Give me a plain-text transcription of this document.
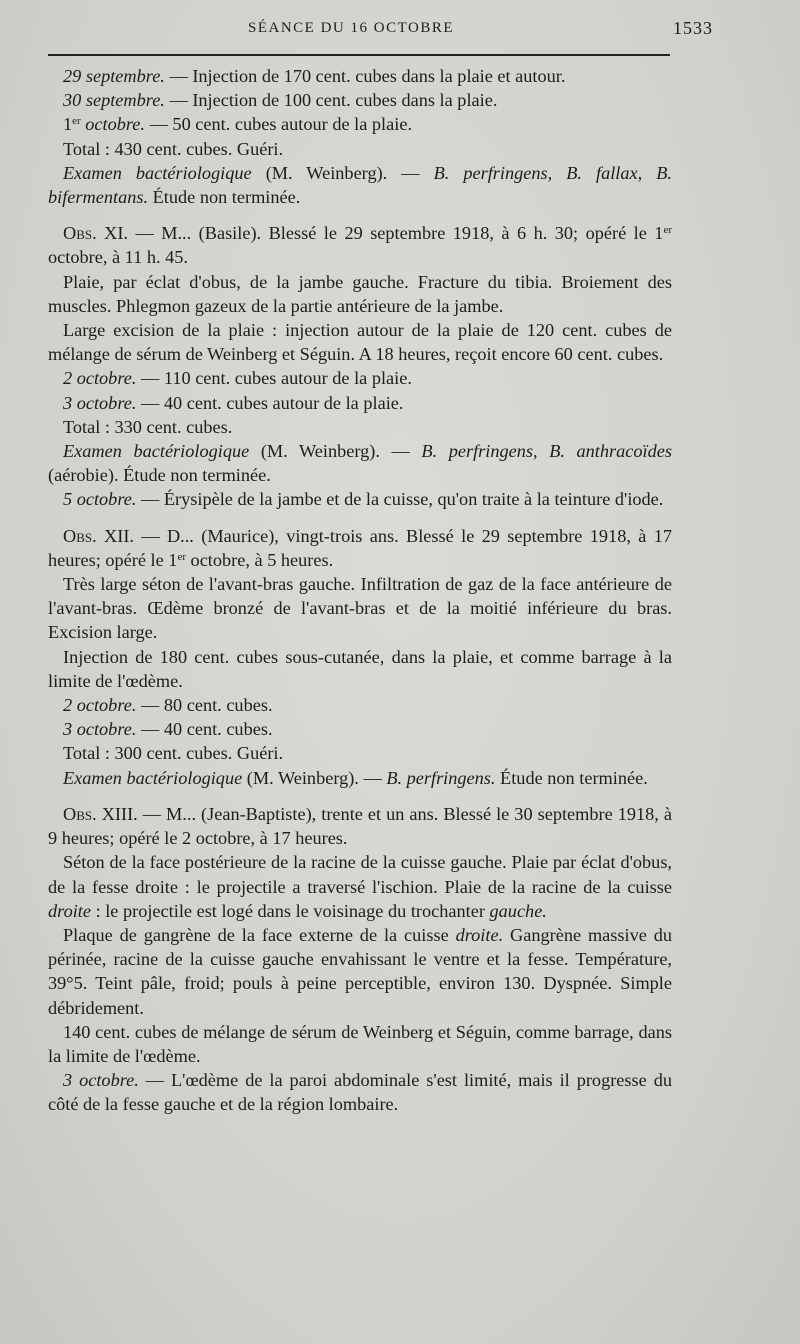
SÉANCE DU 16 OCTOBRE	1533

29 septembre. — Injection de 170 cent. cubes dans la plaie et autour.

30 septembre. — Injection de 100 cent. cubes dans la plaie.

1er octobre. — 50 cent. cubes autour de la plaie.

Total : 430 cent. cubes. Guéri.

Examen bactériologique (M. Weinberg). — B. perfringens, B. fallax, B. bifermentans. Étude non terminée.

Obs. XI. — M... (Basile). Blessé le 29 septembre 1918, à 6 h. 30; opéré le 1er octobre, à 11 h. 45.

Plaie, par éclat d'obus, de la jambe gauche. Fracture du tibia. Broiement des muscles. Phlegmon gazeux de la partie antérieure de la jambe.

Large excision de la plaie : injection autour de la plaie de 120 cent. cubes de mélange de sérum de Weinberg et Séguin. A 18 heures, reçoit encore 60 cent. cubes.

2 octobre. — 110 cent. cubes autour de la plaie.

3 octobre. — 40 cent. cubes autour de la plaie.

Total : 330 cent. cubes.

Examen bactériologique (M. Weinberg). — B. perfringens, B. anthracoïdes (aérobie). Étude non terminée.

5 octobre. — Érysipèle de la jambe et de la cuisse, qu'on traite à la teinture d'iode.

Obs. XII. — D... (Maurice), vingt-trois ans. Blessé le 29 septembre 1918, à 17 heures; opéré le 1er octobre, à 5 heures.

Très large séton de l'avant-bras gauche. Infiltration de gaz de la face antérieure de l'avant-bras. Œdème bronzé de l'avant-bras et de la moitié inférieure du bras. Excision large.

Injection de 180 cent. cubes sous-cutanée, dans la plaie, et comme barrage à la limite de l'œdème.

2 octobre. — 80 cent. cubes.

3 octobre. — 40 cent. cubes.

Total : 300 cent. cubes. Guéri.

Examen bactériologique (M. Weinberg). — B. perfringens. Étude non terminée.

Obs. XIII. — M... (Jean-Baptiste), trente et un ans. Blessé le 30 septembre 1918, à 9 heures; opéré le 2 octobre, à 17 heures.

Séton de la face postérieure de la racine de la cuisse gauche. Plaie par éclat d'obus, de la fesse droite : le projectile a traversé l'ischion. Plaie de la racine de la cuisse droite : le projectile est logé dans le voisinage du trochanter gauche.

Plaque de gangrène de la face externe de la cuisse droite. Gangrène massive du périnée, racine de la cuisse gauche envahissant le ventre et la fesse. Température, 39°5. Teint pâle, froid; pouls à peine perceptible, environ 130. Dyspnée. Simple débridement.

140 cent. cubes de mélange de sérum de Weinberg et Séguin, comme barrage, dans la limite de l'œdème.

3 octobre. — L'œdème de la paroi abdominale s'est limité, mais il progresse du côté de la fesse gauche et de la région lombaire.
